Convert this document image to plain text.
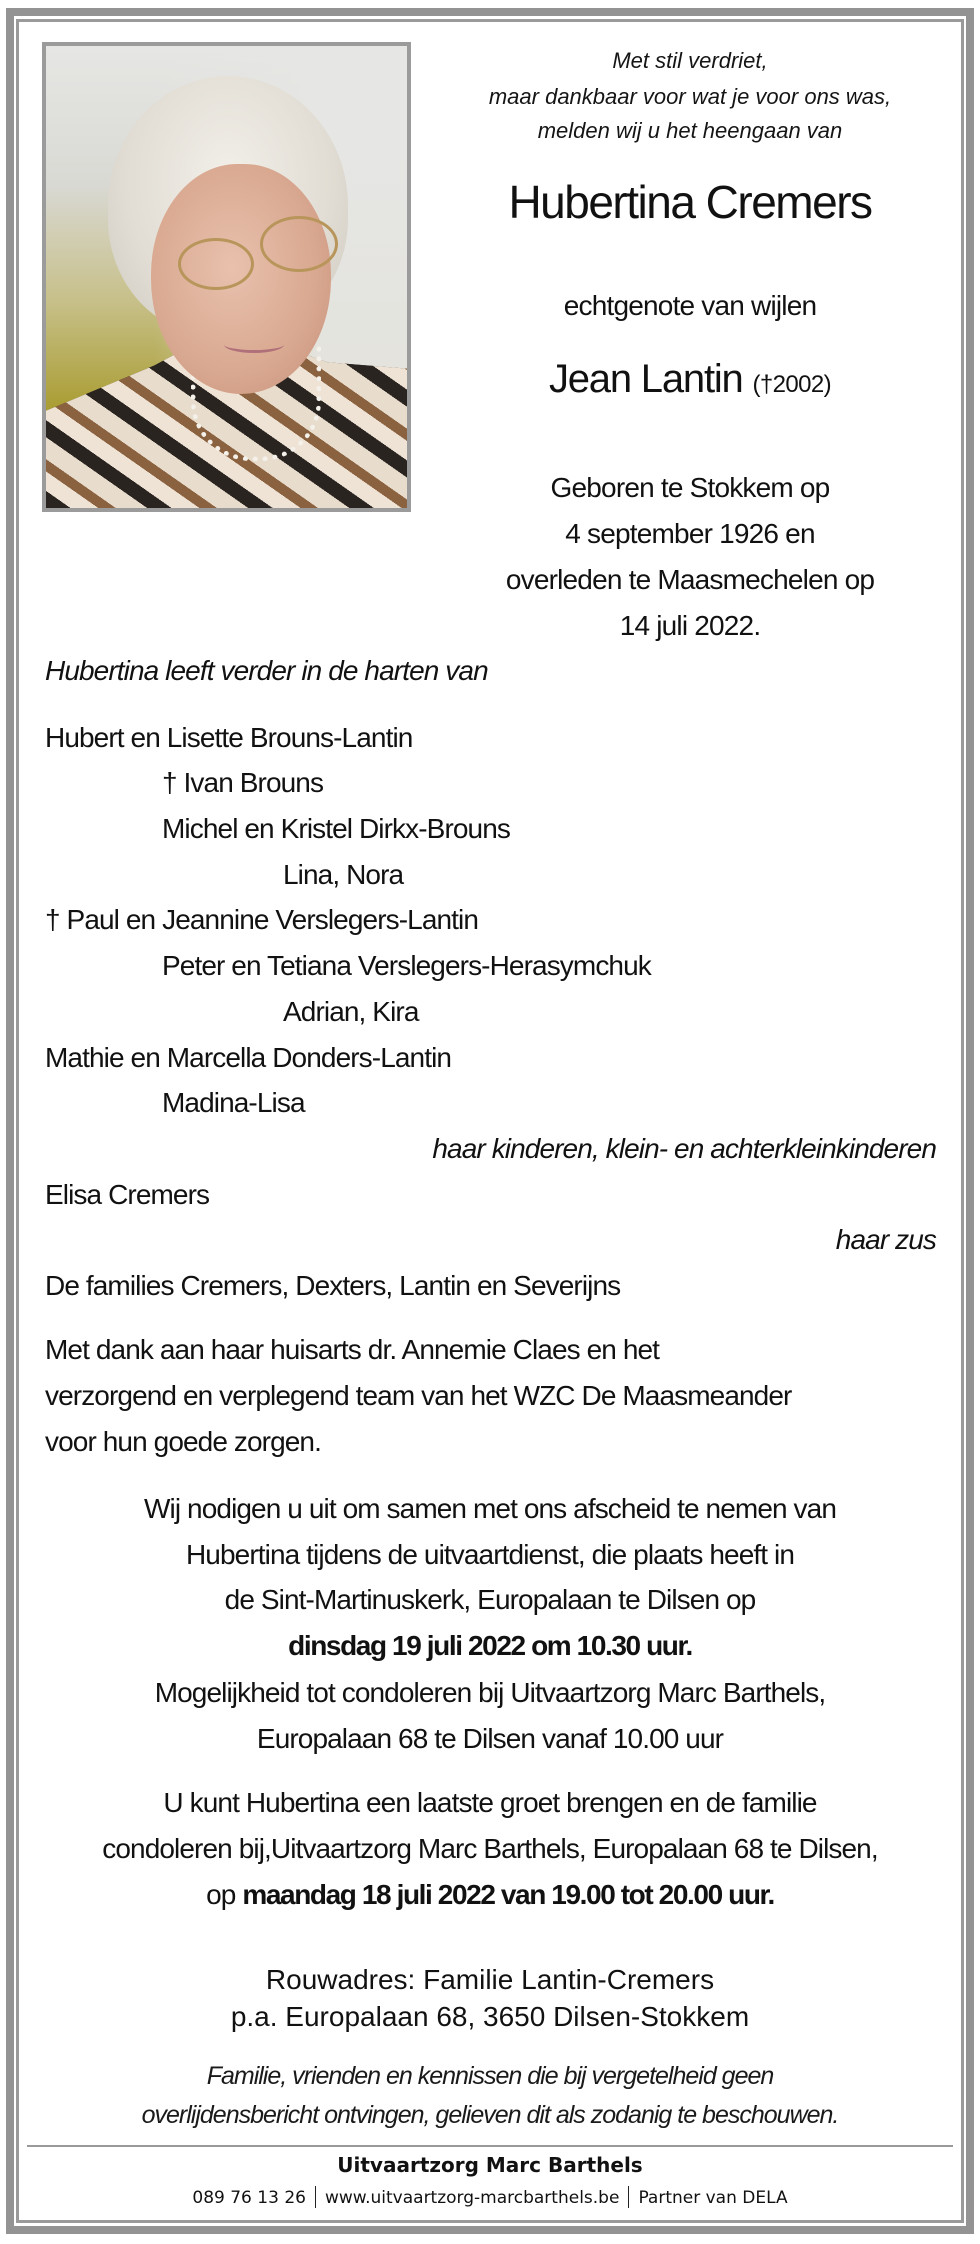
Met stil verdriet,
maar dankbaar voor wat je voor ons was,
melden wij u het heengaan van
Hubertina Cremers
echtgenote van wijlen
Jean Lantin (†2002)
Geboren te Stokkem op
4 september 1926 en
overleden te Maasmechelen op
14 juli 2022.
Hubertina leeft verder in de harten van
Hubert en Lisette Brouns-Lantin
† Ivan Brouns
Michel en Kristel Dirkx-Brouns
Lina, Nora
† Paul en Jeannine Verslegers-Lantin
Peter en Tetiana Verslegers-Herasymchuk
Adrian, Kira
Mathie en Marcella Donders-Lantin
Madina-Lisa
haar kinderen, klein- en achterkleinkinderen
Elisa Cremers
haar zus
De families Cremers, Dexters, Lantin en Severijns
Met dank aan haar huisarts dr. Annemie Claes en het
verzorgend en verplegend team van het WZC De Maasmeander
voor hun goede zorgen.
Wij nodigen u uit om samen met ons afscheid te nemen van
Hubertina tijdens de uitvaartdienst, die plaats heeft in
de Sint-Martinuskerk, Europalaan te Dilsen op
dinsdag 19 juli 2022 om 10.30 uur.
Mogelijkheid tot condoleren bij Uitvaartzorg Marc Barthels,
Europalaan 68 te Dilsen vanaf 10.00 uur
U kunt Hubertina een laatste groet brengen en de familie
condoleren bij,Uitvaartzorg Marc Barthels, Europalaan 68 te Dilsen,
op maandag 18 juli 2022 van 19.00 tot 20.00 uur.
Rouwadres: Familie Lantin-Cremers
p.a. Europalaan 68, 3650 Dilsen-Stokkem
Familie, vrienden en kennissen die bij vergetelheid geen
overlijdensbericht ontvingen, gelieven dit als zodanig te beschouwen.
Uitvaartzorg Marc Barthels
089 76 13 26 www.uitvaartzorg-marcbarthels.be Partner van DELA
